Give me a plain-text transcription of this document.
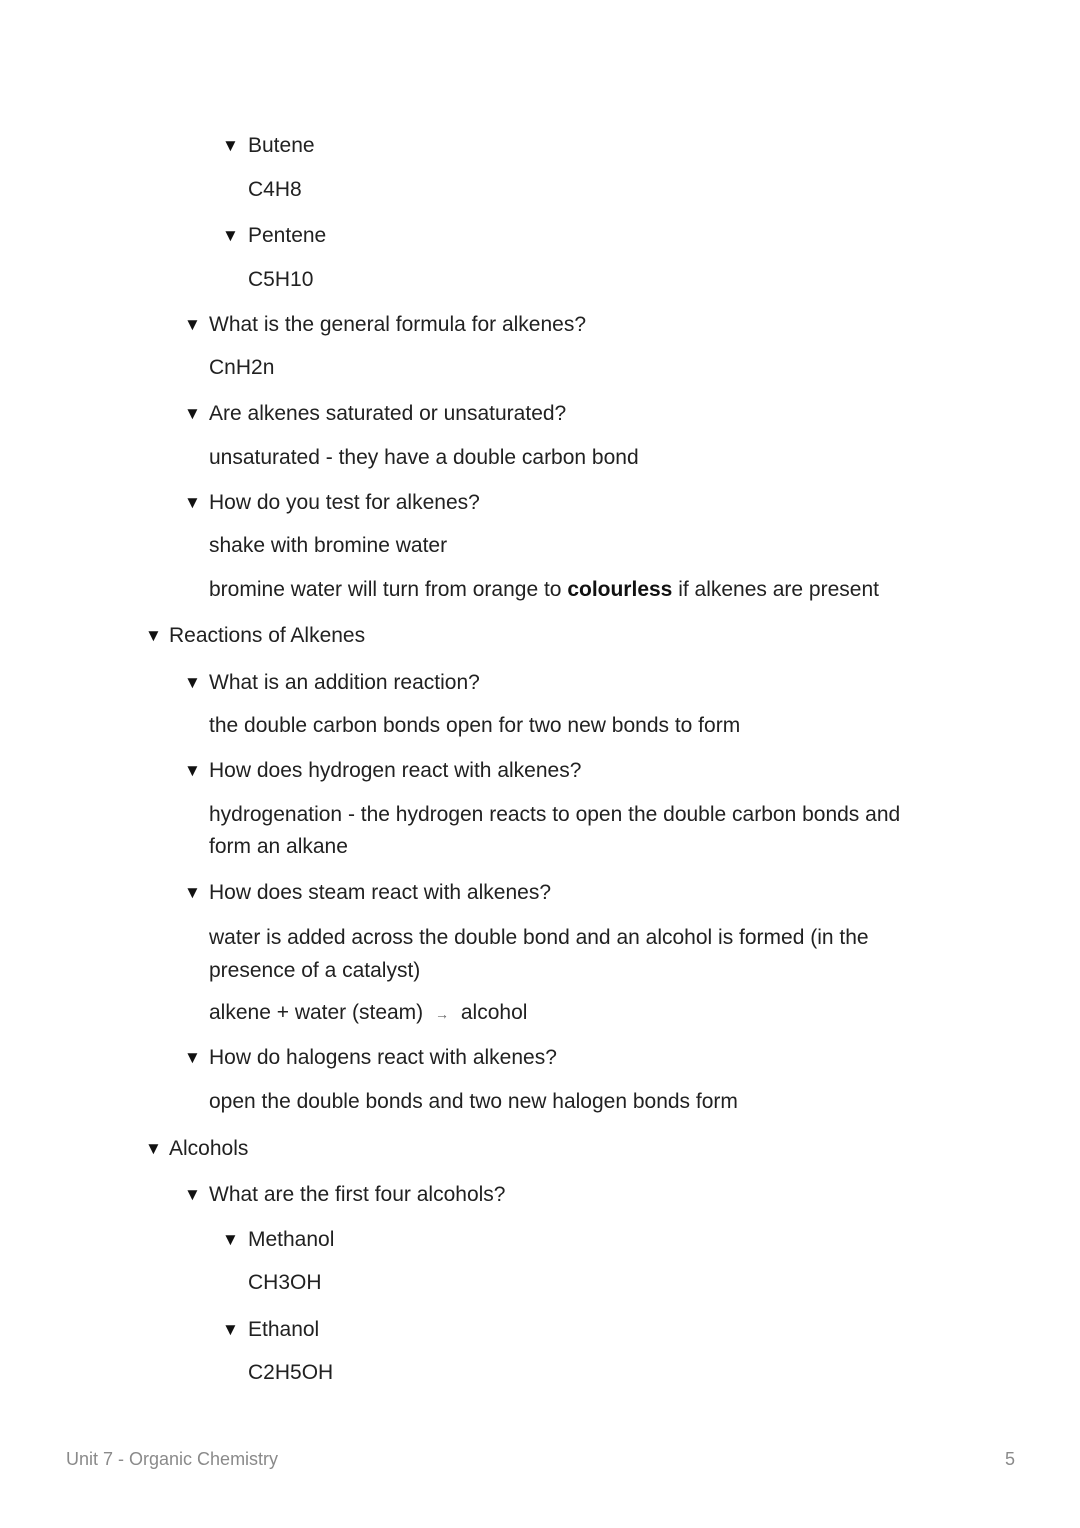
▼ Butene

C4H8

▼ Pentene

C5H10

▼ What is the general formula for alkenes?

CnH2n

▼ Are alkenes saturated or unsaturated?

unsaturated - they have a double carbon bond

▼ How do you test for alkenes?

shake with bromine water

bromine water will turn from orange to colourless if alkenes are present

▼ Reactions of Alkenes

▼ What is an addition reaction?

the double carbon bonds open for two new bonds to form

▼ How does hydrogen react with alkenes?

hydrogenation - the hydrogen reacts to open the double carbon bonds and form an alkane

▼ How does steam react with alkenes?

water is added across the double bond and an alcohol is formed (in the presence of a catalyst)

alkene + water (steam) → alcohol

▼ How do halogens react with alkenes?

open the double bonds and two new halogen bonds form

▼ Alcohols

▼ What are the first four alcohols?

▼ Methanol

CH3OH

▼ Ethanol

C2H5OH

Unit 7 - Organic Chemistry	5
